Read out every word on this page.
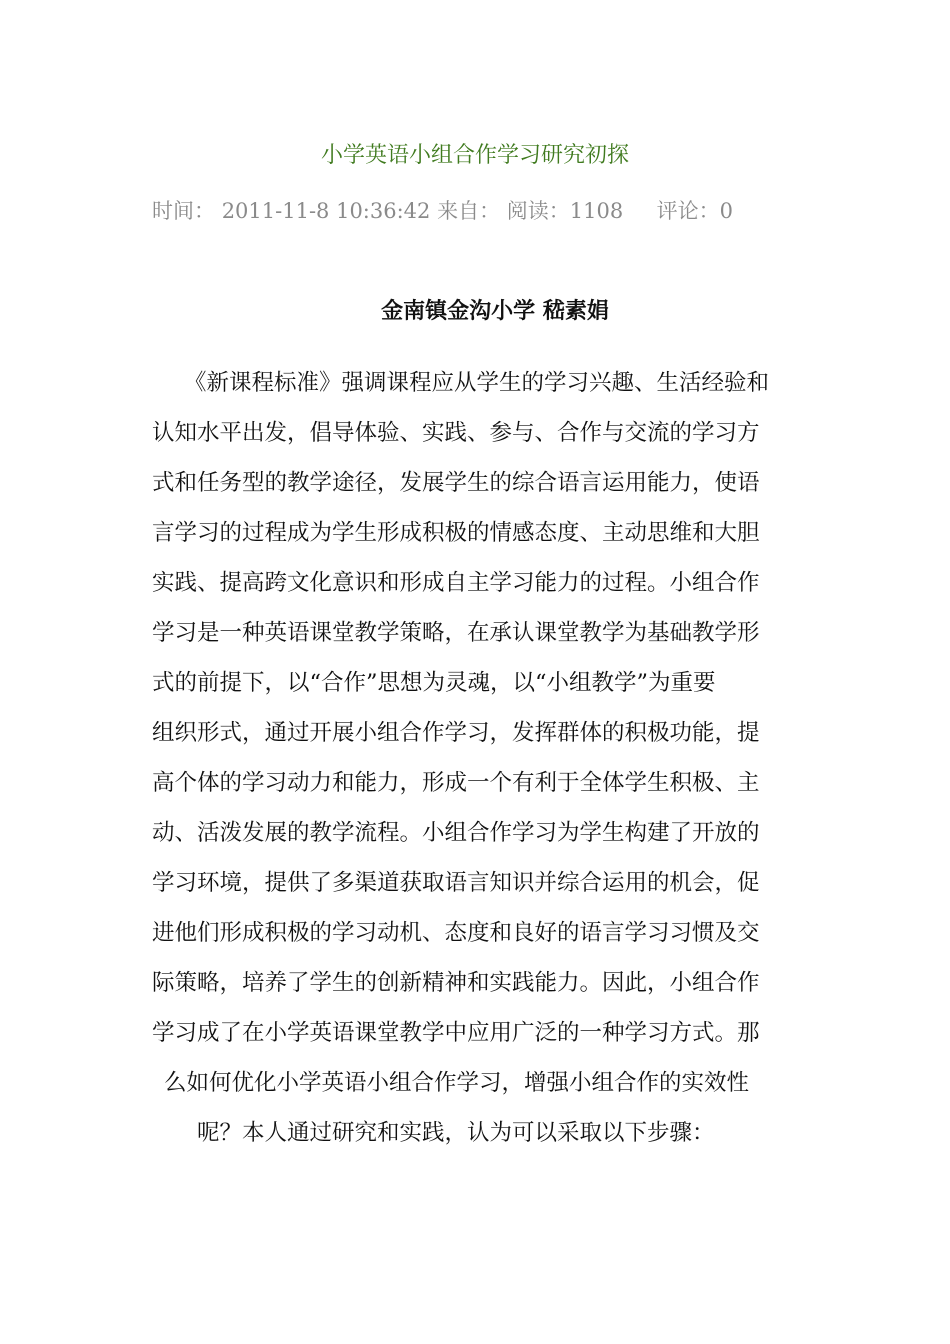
小学英语小组合作学习研究初探
时间： 2011-11-8 10:36:42 来自： 阅读：1108 评论：0
金南镇金沟小学 嵇素娟
《新课程标准》强调课程应从学生的学习兴趣、生活经验和
认知水平出发，倡导体验、实践、参与、合作与交流的学习方
式和任务型的教学途径，发展学生的综合语言运用能力，使语
言学习的过程成为学生形成积极的情感态度、主动思维和大胆
实践、提高跨文化意识和形成自主学习能力的过程。小组合作
学习是一种英语课堂教学策略，在承认课堂教学为基础教学形
式的前提下，以“合作”思想为灵魂，以“小组教学”为重要
组织形式，通过开展小组合作学习，发挥群体的积极功能，提
高个体的学习动力和能力，形成一个有利于全体学生积极、主
动、活泼发展的教学流程。小组合作学习为学生构建了开放的
学习环境，提供了多渠道获取语言知识并综合运用的机会，促
进他们形成积极的学习动机、态度和良好的语言学习习惯及交
际策略，培养了学生的创新精神和实践能力。因此，小组合作
学习成了在小学英语课堂教学中应用广泛的一种学习方式。那
么如何优化小学英语小组合作学习，增强小组合作的实效性
呢？本人通过研究和实践，认为可以采取以下步骤：
